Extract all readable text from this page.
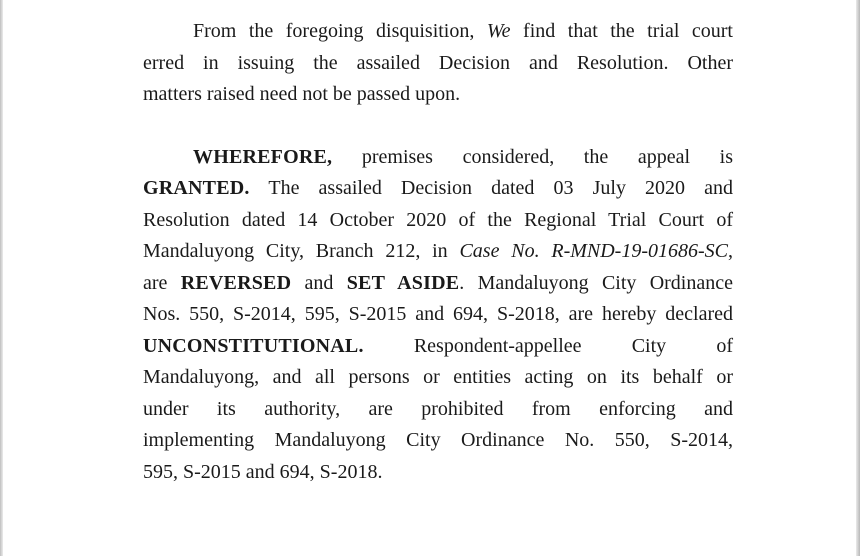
From the foregoing disquisition, We find that the trial court
erred in issuing the assailed Decision and Resolution. Other
matters raised need not be passed upon.

WHEREFORE, premises considered, the appeal is
GRANTED. The assailed Decision dated 03 July 2020 and
Resolution dated 14 October 2020 of the Regional Trial Court of
Mandaluyong City, Branch 212, in Case No. R-MND-19-01686-SC,
are REVERSED and SET ASIDE. Mandaluyong City Ordinance
Nos. 550, S-2014, 595, S-2015 and 694, S-2018, are hereby declared
UNCONSTITUTIONAL. Respondent-appellee City of
Mandaluyong, and all persons or entities acting on its behalf or
under its authority, are prohibited from enforcing and
implementing Mandaluyong City Ordinance No. 550, S-2014,
595, S-2015 and 694, S-2018.
